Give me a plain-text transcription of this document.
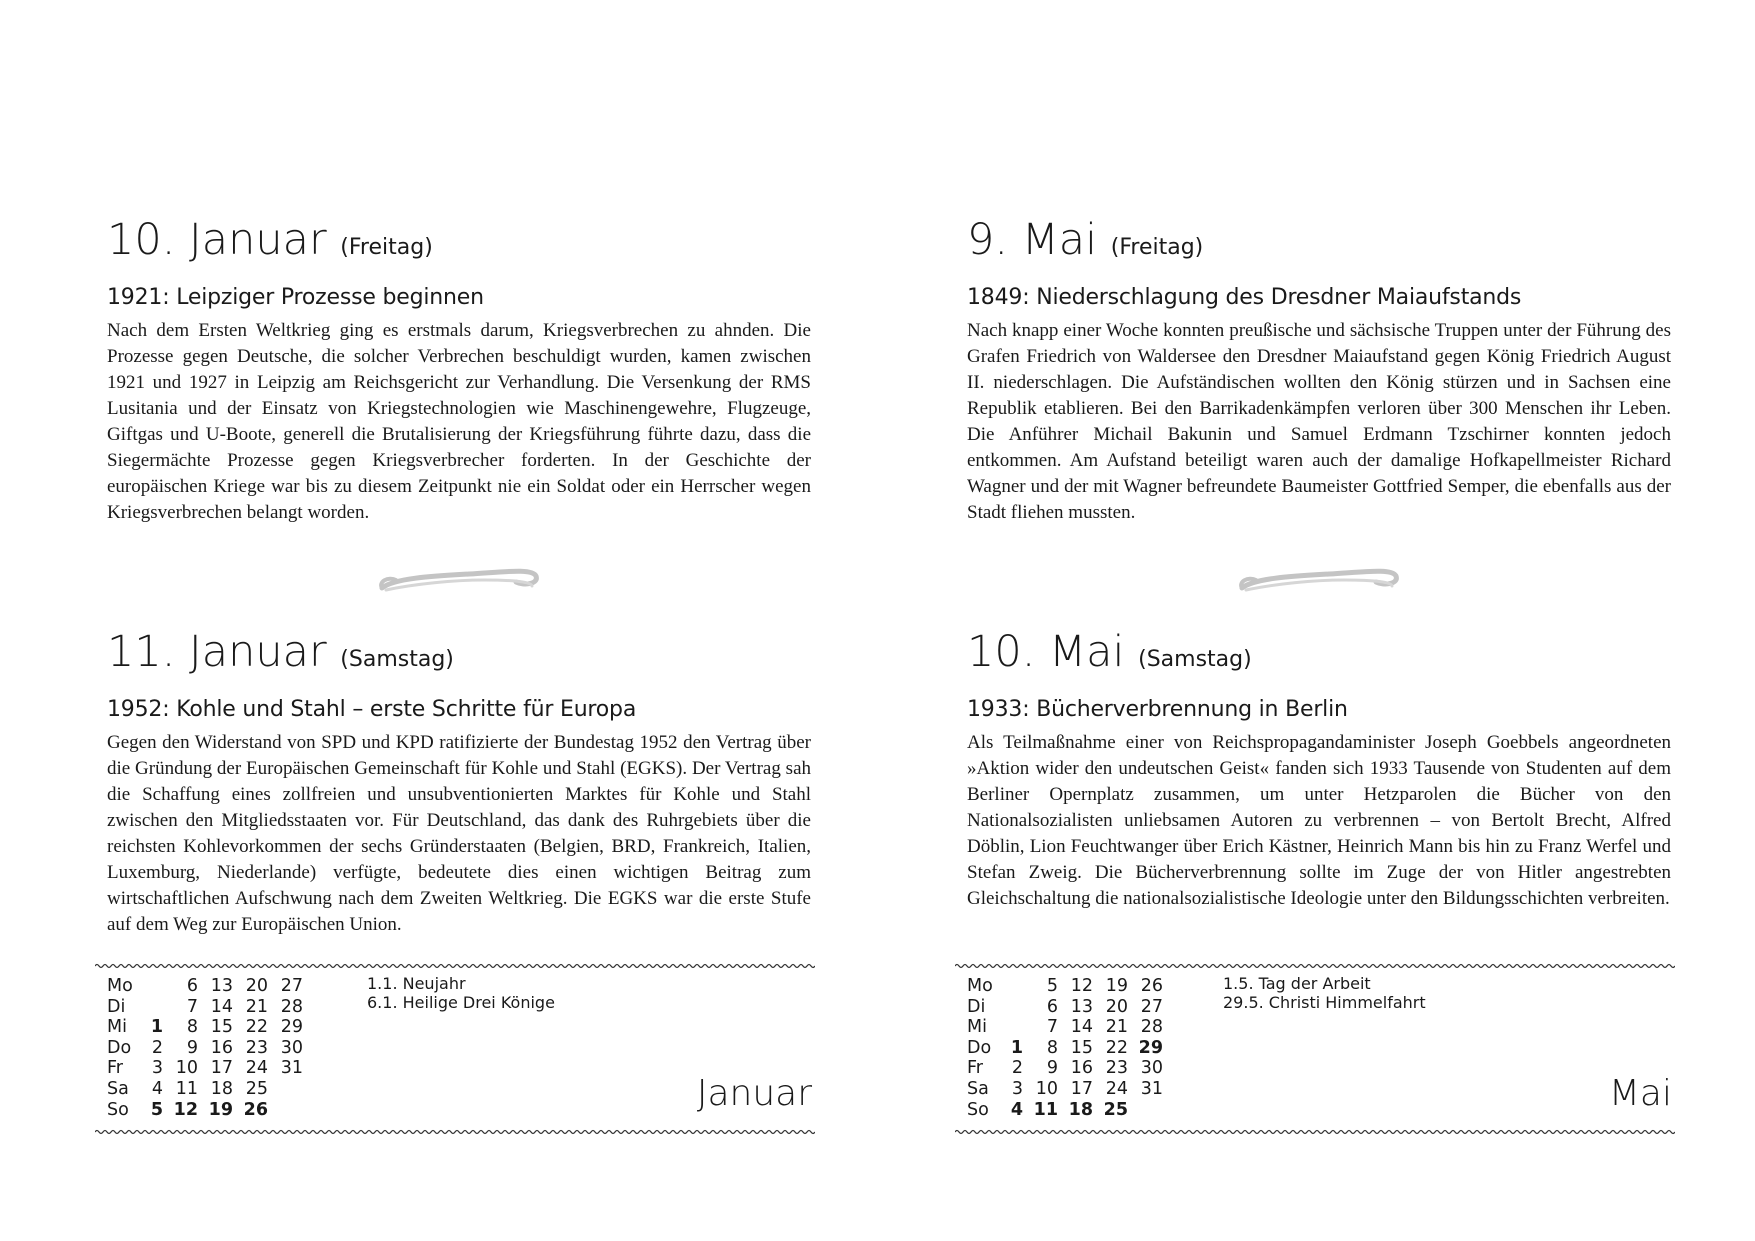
10. Januar (Freitag)
1921: Leipziger Prozesse beginnen

Nach dem Ersten Weltkrieg ging es erstmals darum, Kriegsverbrechen zu ahnden. Die Prozesse gegen Deutsche, die solcher Verbrechen beschuldigt wurden, kamen zwischen 1921 und 1927 in Leipzig am Reichsgericht zur Verhandlung. Die Versenkung der RMS Lusitania und der Einsatz von Kriegstechnologien wie Maschinengewehre, Flugzeuge, Giftgas und U-Boote, generell die Brutalisierung der Kriegsführung führte dazu, dass die Siegermächte Prozesse gegen Kriegsverbrecher forderten. In der Geschichte der europäischen Kriege war bis zu diesem Zeitpunkt nie ein Soldat oder ein Herrscher wegen Kriegsverbrechen belangt worden.

11. Januar (Samstag)
1952: Kohle und Stahl – erste Schritte für Europa

Gegen den Widerstand von SPD und KPD ratifizierte der Bundestag 1952 den Vertrag über die Gründung der Europäischen Gemeinschaft für Kohle und Stahl (EGKS). Der Vertrag sah die Schaffung eines zollfreien und unsubventionierten Marktes für Kohle und Stahl zwischen den Mitgliedsstaaten vor. Für Deutschland, das dank des Ruhrgebiets über die reichsten Kohlevorkommen der sechs Gründerstaaten (Belgien, BRD, Frankreich, Italien, Luxemburg, Niederlande) verfügte, bedeutete dies einen wichtigen Beitrag zum wirtschaftlichen Aufschwung nach dem Zweiten Weltkrieg. Die EGKS war die erste Stufe auf dem Weg zur Europäischen Union.

Mo		6	13	20	27
Di		7	14	21	28
Mi	1	8	15	22	29
Do	2	9	16	23	30
Fr	3	10	17	24	31
Sa	4	11	18	25	
So	5	12	19	26	
1.1. Neujahr
6.1. Heilige Drei Könige
Januar
9. Mai (Freitag)
1849: Niederschlagung des Dresdner Maiaufstands

Nach knapp einer Woche konnten preußische und sächsische Truppen unter der Führung des Grafen Friedrich von Waldersee den Dresdner Maiaufstand gegen König Friedrich August II. niederschlagen. Die Aufständischen wollten den König stürzen und in Sachsen eine Republik etablieren. Bei den Barrikadenkämpfen verloren über 300 Menschen ihr Leben. Die Anführer Michail Bakunin und Samuel Erdmann Tzschirner konnten jedoch entkommen. Am Aufstand beteiligt waren auch der damalige Hofkapellmeister Richard Wagner und der mit Wagner befreundete Baumeister Gottfried Semper, die ebenfalls aus der Stadt fliehen mussten.

10. Mai (Samstag)
1933: Bücherverbrennung in Berlin

Als Teilmaßnahme einer von Reichspropagandaminister Joseph Goebbels angeordneten »Aktion wider den undeutschen Geist« fanden sich 1933 Tausende von Studenten auf dem Berliner Opernplatz zusammen, um unter Hetzparolen die Bücher von den Nationalsozialisten unliebsamen Autoren zu verbrennen – von Bertolt Brecht, Alfred Döblin, Lion Feuchtwanger über Erich Kästner, Heinrich Mann bis hin zu Franz Werfel und Stefan Zweig. Die Bücherverbrennung sollte im Zuge der von Hitler angestrebten Gleichschaltung die nationalsozialistische Ideologie unter den Bildungsschichten verbreiten.

Mo		5	12	19	26
Di		6	13	20	27
Mi		7	14	21	28
Do	1	8	15	22	29
Fr	2	9	16	23	30
Sa	3	10	17	24	31
So	4	11	18	25	
1.5. Tag der Arbeit
29.5. Christi Himmelfahrt
Mai
